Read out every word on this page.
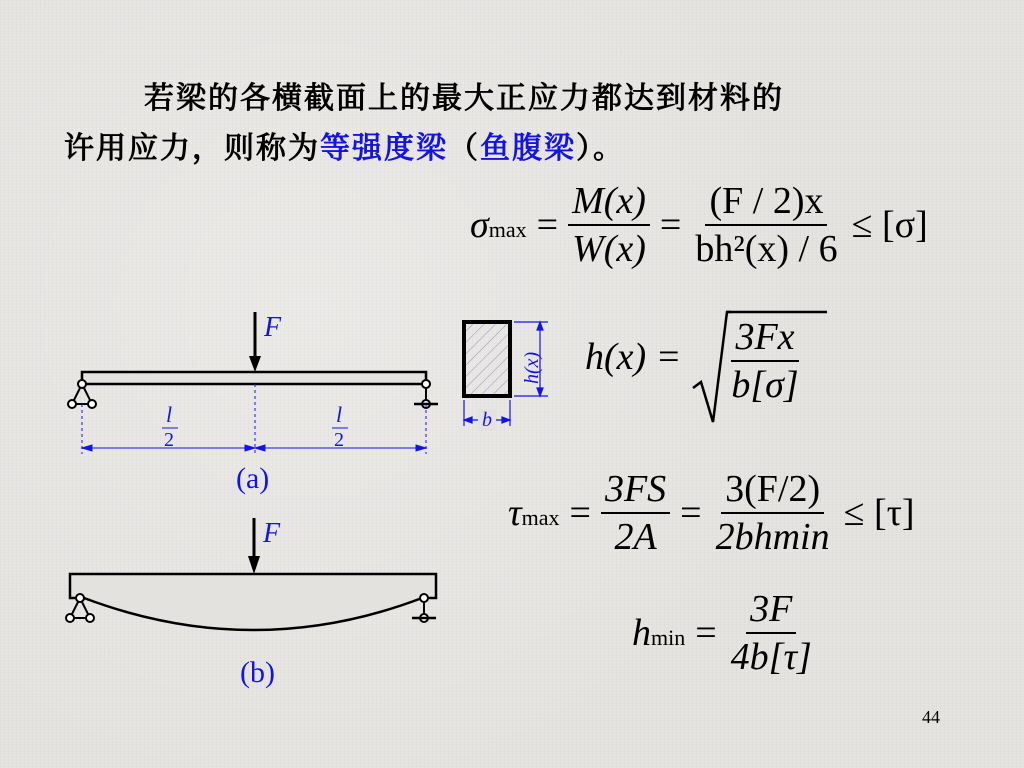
若梁的各横截面上的最大正应力都达到材料的
许用应力，则称为等强度梁（鱼腹梁）。
$\sigma\max = \frac{M(x)}{W(x)} = \frac{(F / 2)x}{\text{bh²(x) / 6}} \le [\sigma]$
$h(x) = \frac{3Fx}{b[\sigma]}$
$\tau\max = \frac{3FS}{2A} = \frac{3(F/2)}{2bhmin} \le [\tau]$
$hmin = \frac{3F}{4b[\tau]}$
F
l
2
l
2
(a)
h(x)
b
F
(b)
44
